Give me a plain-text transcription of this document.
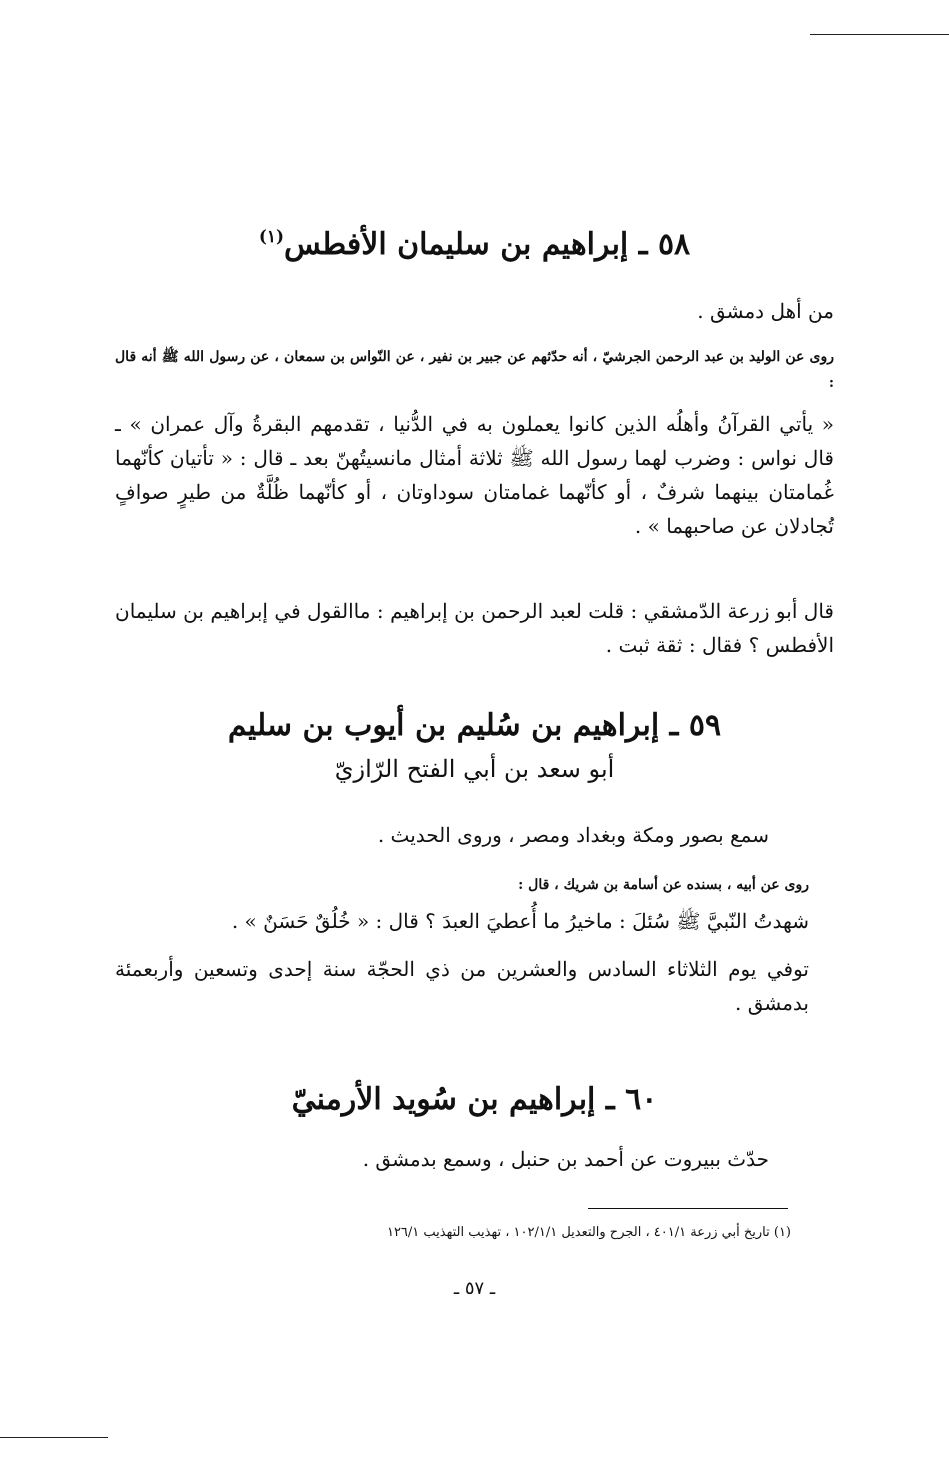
٥٨ ـ إبراهيم بن سليمان الأفطس$^{(١)}$
من أهل دمشق .
روى عن الوليد بن عبد الرحمن الجرشيّ ، أنه حدّثهم عن جبير بن نفير ، عن النّواس بن سمعان ، عن رسول الله ﷺ أنه قال :
« يأتي القرآنُ وأهلُه الذين كانوا يعملون به في الدُّنيا ، تقدمهم البقرةُ وآل عمران » ـ قال نواس : وضرب لهما رسول الله ﷺ ثلاثة أمثال مانسيتُهنّ بعد ـ قال : « تأتيان كأنّهما غُمامتان بينهما شرفٌ ، أو كأنّهما غمامتان سوداوتان ، أو كأنّهما ظُلَّةٌ من طيرٍ صوافٍ تُجادلان عن صاحبهما » .
قال أبو زرعة الدّمشقي : قلت لعبد الرحمن بن إبراهيم : ماالقول في إبراهيم بن سليمان الأفطس ؟ فقال : ثقة ثبت .
٥٩ ـ إبراهيم بن سُليم بن أيوب بن سليم
أبو سعد بن أبي الفتح الرّازيّ
سمع بصور ومكة وبغداد ومصر ، وروى الحديث .
روى عن أبيه ، بسنده عن أسامة بن شريك ، قال :
شهدتُ النّبيَّ ﷺ سُئلَ : ماخيرُ ما أُعطيَ العبدَ ؟ قال : « خُلُقٌ حَسَنٌ » .
توفي يوم الثلاثاء السادس والعشرين من ذي الحجّة سنة إحدى وتسعين وأربعمئة بدمشق .
٦٠ ـ إبراهيم بن سُويد الأرمنيّ
حدّث ببيروت عن أحمد بن حنبل ، وسمع بدمشق .
(١) تاريخ أبي زرعة ٤٠١/١ ، الجرح والتعديل ١٠٢/١/١ ، تهذيب التهذيب ١٢٦/١
ـ ٥٧ ـ
